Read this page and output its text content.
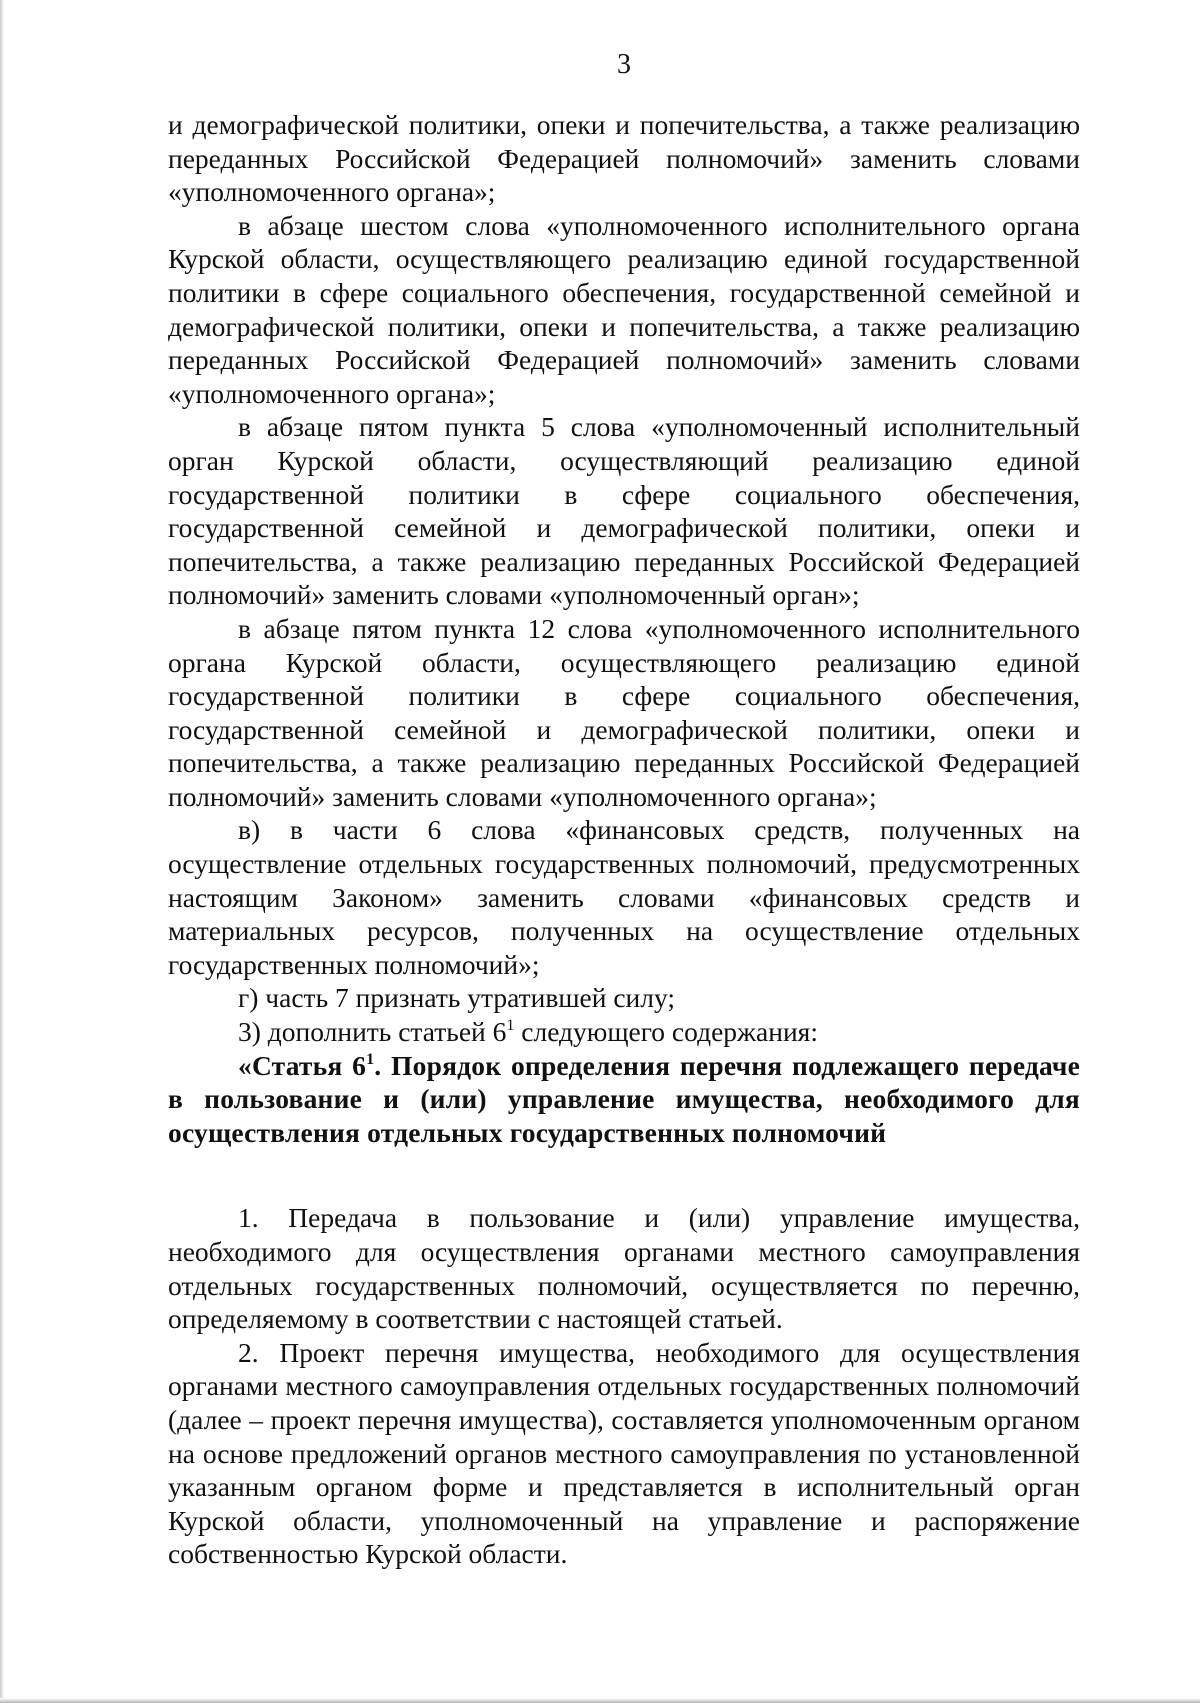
3

и демографической политики, опеки и попечительства, а также реализацию переданных Российской Федерацией полномочий» заменить словами «уполномоченного органа»;

в абзаце шестом слова «уполномоченного исполнительного органа Курской области, осуществляющего реализацию единой государственной политики в сфере социального обеспечения, государственной семейной и демографической политики, опеки и попечительства, а также реализацию переданных Российской Федерацией полномочий» заменить словами «уполномоченного органа»;

в абзаце пятом пункта 5 слова «уполномоченный исполнительный орган Курской области, осуществляющий реализацию единой государственной политики в сфере социального обеспечения, государственной семейной и демографической политики, опеки и попечительства, а также реализацию переданных Российской Федерацией полномочий» заменить словами «уполномоченный орган»;

в абзаце пятом пункта 12 слова «уполномоченного исполнительного органа Курской области, осуществляющего реализацию единой государственной политики в сфере социального обеспечения, государственной семейной и демографической политики, опеки и попечительства, а также реализацию переданных Российской Федерацией полномочий» заменить словами «уполномоченного органа»;

в) в части 6 слова «финансовых средств, полученных на осуществление отдельных государственных полномочий, предусмотренных настоящим Законом» заменить словами «финансовых средств и материальных ресурсов, полученных на осуществление отдельных государственных полномочий»;

г) часть 7 признать утратившей силу;

3) дополнить статьей $6^1$ следующего содержания:

«Статья $6^1$. Порядок определения перечня подлежащего передаче в пользование и (или) управление имущества, необходимого для осуществления отдельных государственных полномочий

1. Передача в пользование и (или) управление имущества, необходимого для осуществления органами местного самоуправления отдельных государственных полномочий, осуществляется по перечню, определяемому в соответствии с настоящей статьей.

2. Проект перечня имущества, необходимого для осуществления органами местного самоуправления отдельных государственных полномочий (далее – проект перечня имущества), составляется уполномоченным органом на основе предложений органов местного самоуправления по установленной указанным органом форме и представляется в исполнительный орган Курской области, уполномоченный на управление и распоряжение собственностью Курской области.
